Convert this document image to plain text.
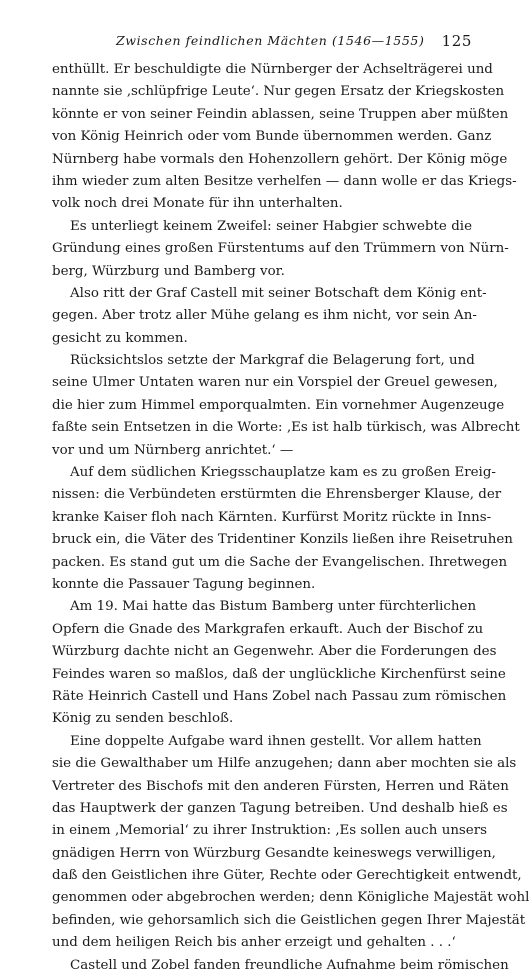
Zwischen feindlichen Mächten (1546—1555) 125
enthüllt. Er beschuldigte die Nürnberger der Achselträgerei und
nannte sie ‚schlüpfrige Leute‘. Nur gegen Ersatz der Kriegskosten
könnte er von seiner Feindin ablassen, seine Truppen aber müßten
von König Heinrich oder vom Bunde übernommen werden. Ganz
Nürnberg habe vormals den Hohenzollern gehört. Der König möge
ihm wieder zum alten Besitze verhelfen — dann wolle er das Kriegs-
volk noch drei Monate für ihn unterhalten.
Es unterliegt keinem Zweifel: seiner Habgier schwebte die
Gründung eines großen Fürstentums auf den Trümmern von Nürn-
berg, Würzburg und Bamberg vor.
Also ritt der Graf Castell mit seiner Botschaft dem König ent-
gegen. Aber trotz aller Mühe gelang es ihm nicht, vor sein An-
gesicht zu kommen.
Rücksichtslos setzte der Markgraf die Belagerung fort, und
seine Ulmer Untaten waren nur ein Vorspiel der Greuel gewesen,
die hier zum Himmel emporqualmten. Ein vornehmer Augenzeuge
faßte sein Entsetzen in die Worte: ‚Es ist halb türkisch, was Albrecht
vor und um Nürnberg anrichtet.‘ —
Auf dem südlichen Kriegsschauplatze kam es zu großen Ereig-
nissen: die Verbündeten erstürmten die Ehrensberger Klause, der
kranke Kaiser floh nach Kärnten. Kurfürst Moritz rückte in Inns-
bruck ein, die Väter des Tridentiner Konzils ließen ihre Reisetruhen
packen. Es stand gut um die Sache der Evangelischen. Ihretwegen
konnte die Passauer Tagung beginnen.
Am 19. Mai hatte das Bistum Bamberg unter fürchterlichen
Opfern die Gnade des Markgrafen erkauft. Auch der Bischof zu
Würzburg dachte nicht an Gegenwehr. Aber die Forderungen des
Feindes waren so maßlos, daß der unglückliche Kirchenfürst seine
Räte Heinrich Castell und Hans Zobel nach Passau zum römischen
König zu senden beschloß.
Eine doppelte Aufgabe ward ihnen gestellt. Vor allem hatten
sie die Gewalthaber um Hilfe anzugehen; dann aber mochten sie als
Vertreter des Bischofs mit den anderen Fürsten, Herren und Räten
das Hauptwerk der ganzen Tagung betreiben. Und deshalb hieß es
in einem ‚Memorial‘ zu ihrer Instruktion: ‚Es sollen auch unsers
gnädigen Herrn von Würzburg Gesandte keineswegs verwilligen,
daß den Geistlichen ihre Güter, Rechte oder Gerechtigkeit entwendt,
genommen oder abgebrochen werden; denn Königliche Majestät wohl
befinden, wie gehorsamlich sich die Geistlichen gegen Ihrer Majestät
und dem heiligen Reich bis anher erzeigt und gehalten . . .‘
Castell und Zobel fanden freundliche Aufnahme beim römischen
